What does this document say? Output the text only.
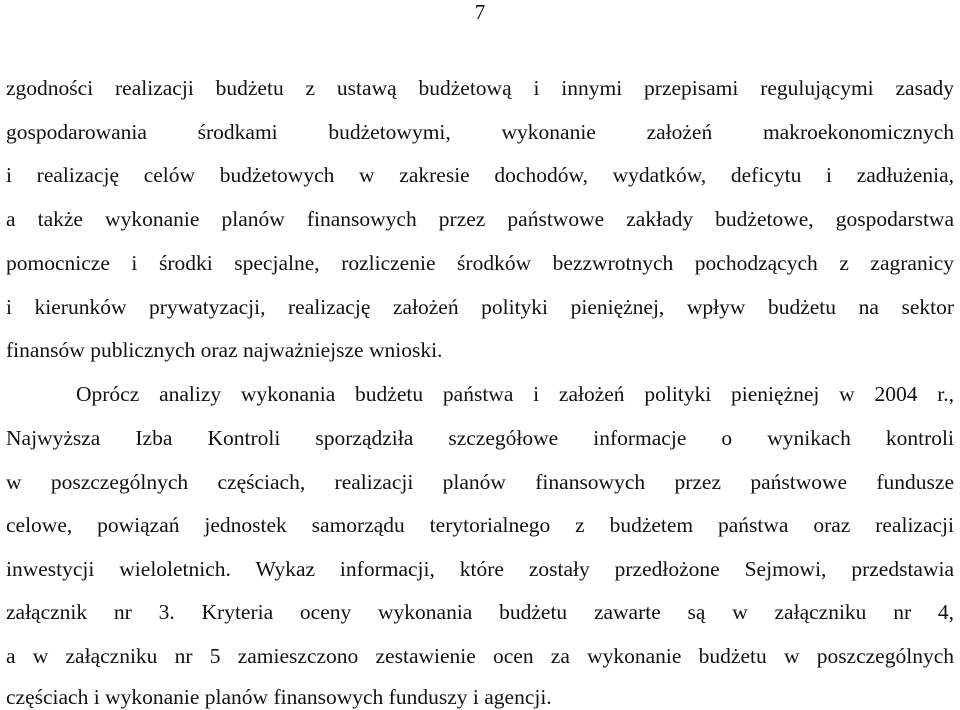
7
zgodności realizacji budżetu z ustawą budżetową i innymi przepisami regulującymi zasady
gospodarowania środkami budżetowymi, wykonanie założeń makroekonomicznych
i realizację celów budżetowych w zakresie dochodów, wydatków, deficytu i zadłużenia,
a także wykonanie planów finansowych przez państwowe zakłady budżetowe, gospodarstwa
pomocnicze i środki specjalne, rozliczenie środków bezzwrotnych pochodzących z zagranicy
i kierunków prywatyzacji, realizację założeń polityki pieniężnej, wpływ budżetu na sektor
finansów publicznych oraz najważniejsze wnioski.
Oprócz analizy wykonania budżetu państwa i założeń polityki pieniężnej w 2004 r.,
Najwyższa Izba Kontroli sporządziła szczegółowe informacje o wynikach kontroli
w poszczególnych częściach, realizacji planów finansowych przez państwowe fundusze
celowe, powiązań jednostek samorządu terytorialnego z budżetem państwa oraz realizacji
inwestycji wieloletnich. Wykaz informacji, które zostały przedłożone Sejmowi, przedstawia
załącznik nr 3. Kryteria oceny wykonania budżetu zawarte są w załączniku nr 4,
a w załączniku nr 5 zamieszczono zestawienie ocen za wykonanie budżetu w poszczególnych
częściach i wykonanie planów finansowych funduszy i agencji.
